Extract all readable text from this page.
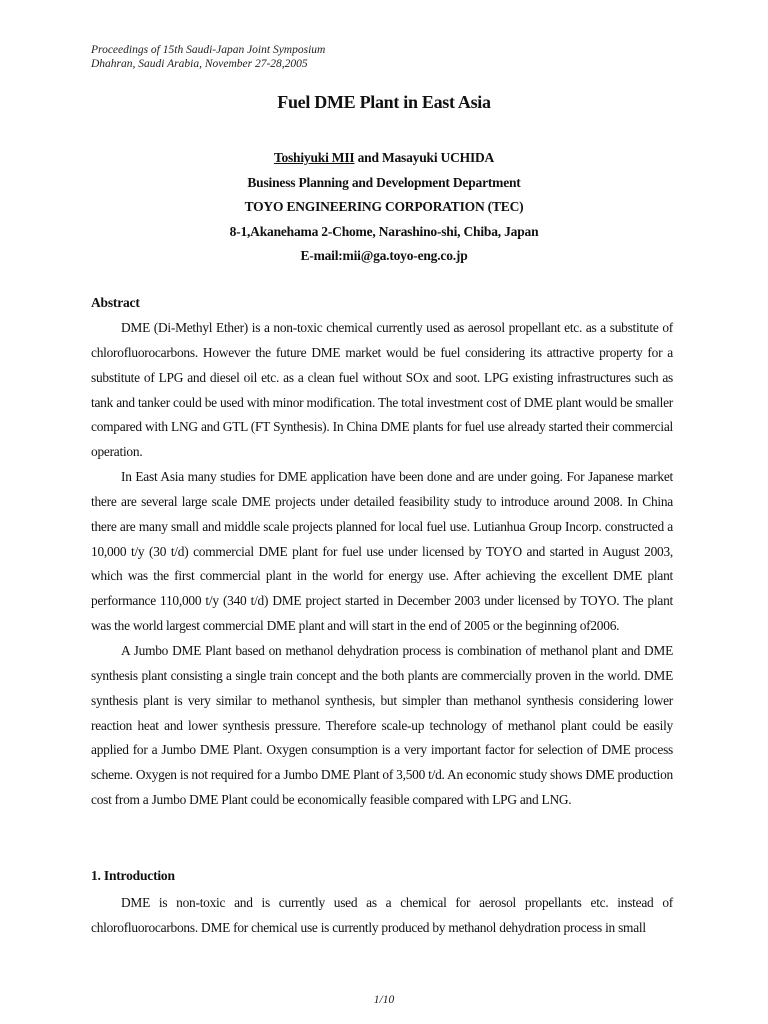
Proceedings of 15th Saudi-Japan Joint Symposium
Dhahran, Saudi Arabia, November 27-28,2005
Fuel DME Plant in East Asia
Toshiyuki MII and Masayuki UCHIDA
Business Planning and Development Department
TOYO ENGINEERING CORPORATION (TEC)
8-1,Akanehama 2-Chome, Narashino-shi, Chiba, Japan
E-mail:mii@ga.toyo-eng.co.jp
Abstract

DME (Di-Methyl Ether) is a non-toxic chemical currently used as aerosol propellant etc. as a substitute of chlorofluorocarbons. However the future DME market would be fuel considering its attractive property for a substitute of LPG and diesel oil etc. as a clean fuel without SOx and soot. LPG existing infrastructures such as tank and tanker could be used with minor modification. The total investment cost of DME plant would be smaller compared with LNG and GTL (FT Synthesis). In China DME plants for fuel use already started their commercial operation.

In East Asia many studies for DME application have been done and are under going. For Japanese market there are several large scale DME projects under detailed feasibility study to introduce around 2008. In China there are many small and middle scale projects planned for local fuel use. Lutianhua Group Incorp. constructed a 10,000 t/y (30 t/d) commercial DME plant for fuel use under licensed by TOYO and started in August 2003, which was the first commercial plant in the world for energy use. After achieving the excellent DME plant performance 110,000 t/y (340 t/d) DME project started in December 2003 under licensed by TOYO. The plant was the world largest commercial DME plant and will start in the end of 2005 or the beginning of2006.

A Jumbo DME Plant based on methanol dehydration process is combination of methanol plant and DME synthesis plant consisting a single train concept and the both plants are commercially proven in the world. DME synthesis plant is very similar to methanol synthesis, but simpler than methanol synthesis considering lower reaction heat and lower synthesis pressure. Therefore scale-up technology of methanol plant could be easily applied for a Jumbo DME Plant. Oxygen consumption is a very important factor for selection of DME process scheme. Oxygen is not required for a Jumbo DME Plant of 3,500 t/d. An economic study shows DME production cost from a Jumbo DME Plant could be economically feasible compared with LPG and LNG.

1. Introduction

DME is non-toxic and is currently used as a chemical for aerosol propellants etc. instead of chlorofluorocarbons. DME for chemical use is currently produced by methanol dehydration process in small

1/10
